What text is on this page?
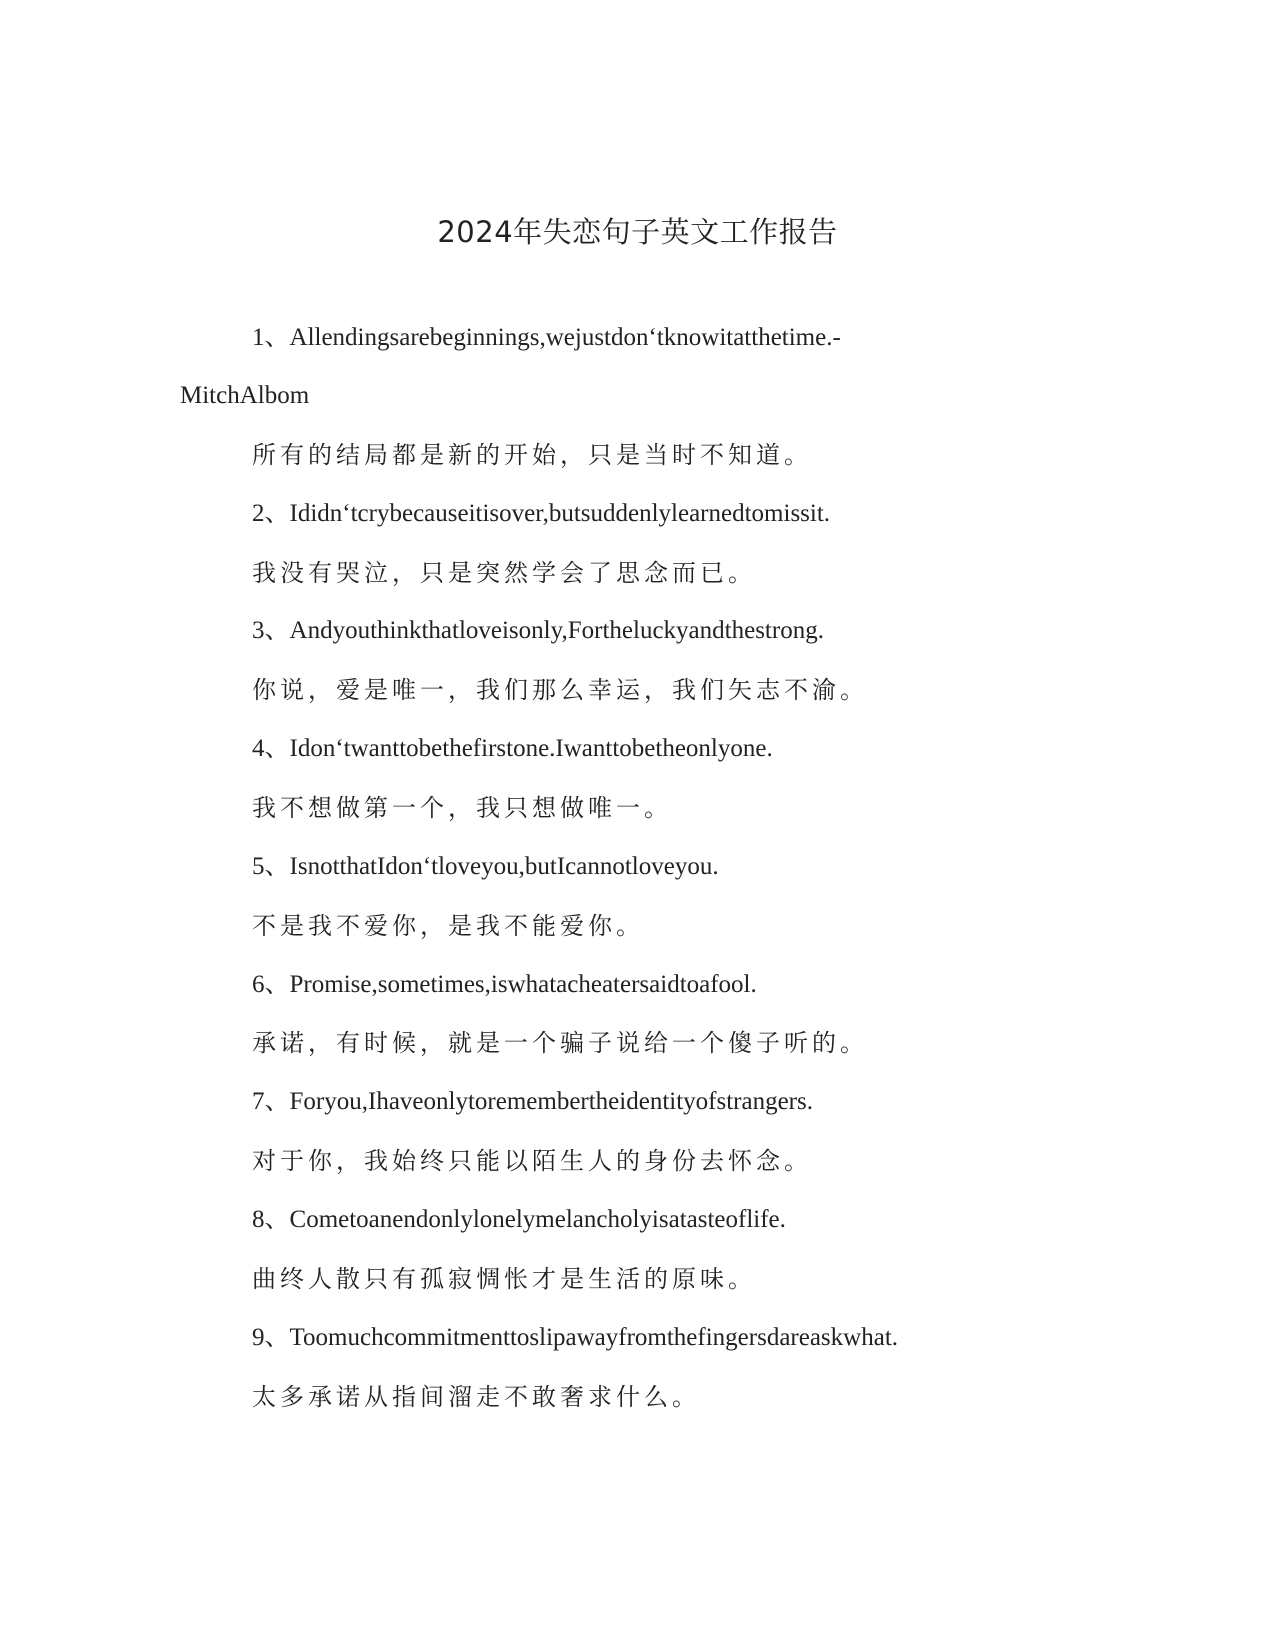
2024年失恋句子英文工作报告
1、Allendingsarebeginnings,wejustdon‘tknowitatthetime.-
MitchAlbom
所有的结局都是新的开始，只是当时不知道。
2、Ididn‘tcrybecauseitisover,butsuddenlylearnedtomissit.
我没有哭泣，只是突然学会了思念而已。
3、Andyouthinkthatloveisonly,Fortheluckyandthestrong.
你说，爱是唯一，我们那么幸运，我们矢志不渝。
4、Idon‘twanttobethefirstone.Iwanttobetheonlyone.
我不想做第一个，我只想做唯一。
5、IsnotthatIdon‘tloveyou,butIcannotloveyou.
不是我不爱你，是我不能爱你。
6、Promise,sometimes,iswhatacheatersaidtoafool.
承诺，有时候，就是一个骗子说给一个傻子听的。
7、Foryou,Ihaveonlytoremembertheidentityofstrangers.
对于你，我始终只能以陌生人的身份去怀念。
8、Cometoanendonlylonelymelancholyisatasteoflife.
曲终人散只有孤寂惆怅才是生活的原味。
9、Toomuchcommitmenttoslipawayfromthefingersdareaskwhat.
太多承诺从指间溜走不敢奢求什么。
